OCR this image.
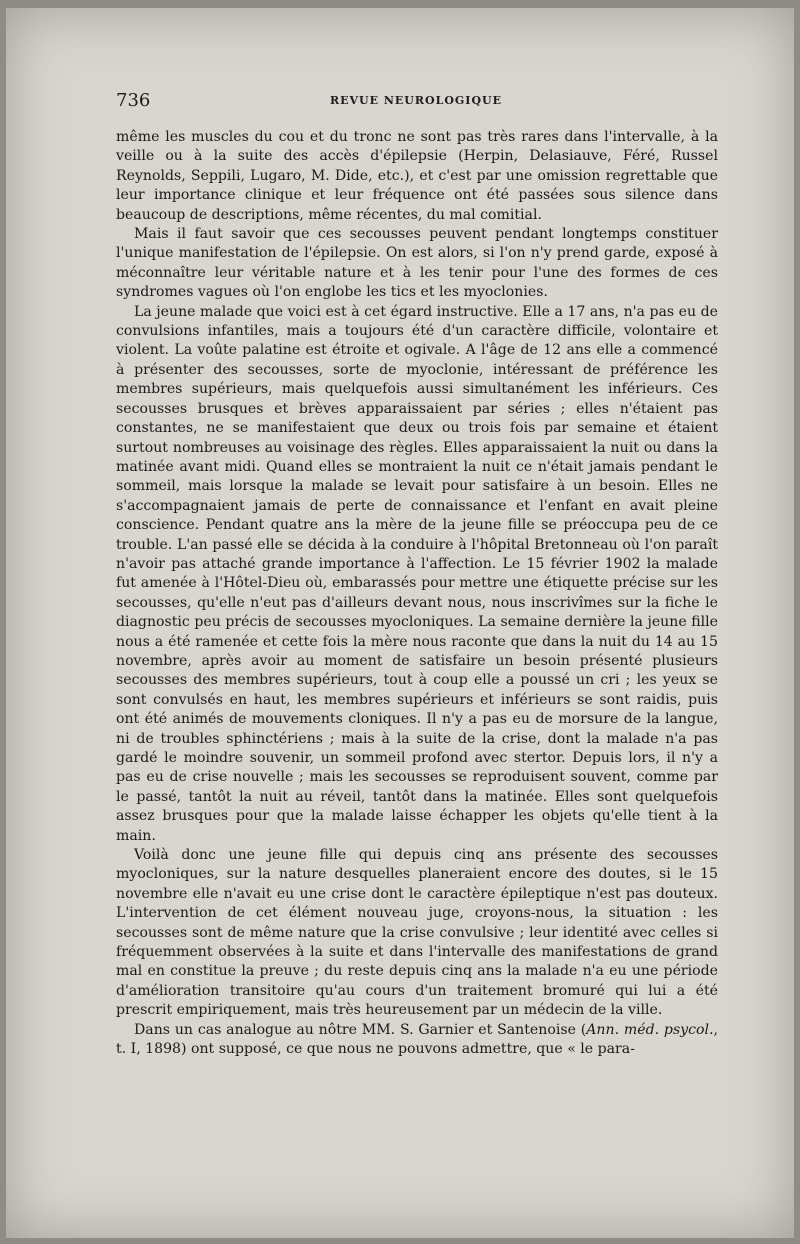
736	REVUE NEUROLOGIQUE

même les muscles du cou et du tronc ne sont pas très rares dans l'intervalle, à la veille ou à la suite des accès d'épilepsie (Herpin, Delasiauve, Féré, Russel Reynolds, Seppili, Lugaro, M. Dide, etc.), et c'est par une omission regrettable que leur importance clinique et leur fréquence ont été passées sous silence dans beaucoup de descriptions, même récentes, du mal comitial.

Mais il faut savoir que ces secousses peuvent pendant longtemps constituer l'unique manifestation de l'épilepsie. On est alors, si l'on n'y prend garde, exposé à méconnaître leur véritable nature et à les tenir pour l'une des formes de ces syndromes vagues où l'on englobe les tics et les myoclonies.

La jeune malade que voici est à cet égard instructive. Elle a 17 ans, n'a pas eu de convulsions infantiles, mais a toujours été d'un caractère difficile, volontaire et violent. La voûte palatine est étroite et ogivale. A l'âge de 12 ans elle a commencé à présenter des secousses, sorte de myoclonie, intéressant de préférence les membres supérieurs, mais quelquefois aussi simultanément les inférieurs. Ces secousses brusques et brèves apparaissaient par séries ; elles n'étaient pas constantes, ne se manifestaient que deux ou trois fois par semaine et étaient surtout nombreuses au voisinage des règles. Elles apparaissaient la nuit ou dans la matinée avant midi. Quand elles se montraient la nuit ce n'était jamais pendant le sommeil, mais lorsque la malade se levait pour satisfaire à un besoin. Elles ne s'accompagnaient jamais de perte de connaissance et l'enfant en avait pleine conscience. Pendant quatre ans la mère de la jeune fille se préoccupa peu de ce trouble. L'an passé elle se décida à la conduire à l'hôpital Bretonneau où l'on paraît n'avoir pas attaché grande importance à l'affection. Le 15 février 1902 la malade fut amenée à l'Hôtel-Dieu où, embarassés pour mettre une étiquette précise sur les secousses, qu'elle n'eut pas d'ailleurs devant nous, nous inscrivîmes sur la fiche le diagnostic peu précis de secousses myocloniques. La semaine dernière la jeune fille nous a été ramenée et cette fois la mère nous raconte que dans la nuit du 14 au 15 novembre, après avoir au moment de satisfaire un besoin présenté plusieurs secousses des membres supérieurs, tout à coup elle a poussé un cri ; les yeux se sont convulsés en haut, les membres supérieurs et inférieurs se sont raidis, puis ont été animés de mouvements cloniques. Il n'y a pas eu de morsure de la langue, ni de troubles sphinctériens ; mais à la suite de la crise, dont la malade n'a pas gardé le moindre souvenir, un sommeil profond avec stertor. Depuis lors, il n'y a pas eu de crise nouvelle ; mais les secousses se reproduisent souvent, comme par le passé, tantôt la nuit au réveil, tantôt dans la matinée. Elles sont quelquefois assez brusques pour que la malade laisse échapper les objets qu'elle tient à la main.

Voilà donc une jeune fille qui depuis cinq ans présente des secousses myocloniques, sur la nature desquelles planeraient encore des doutes, si le 15 novembre elle n'avait eu une crise dont le caractère épileptique n'est pas douteux. L'intervention de cet élément nouveau juge, croyons-nous, la situation : les secousses sont de même nature que la crise convulsive ; leur identité avec celles si fréquemment observées à la suite et dans l'intervalle des manifestations de grand mal en constitue la preuve ; du reste depuis cinq ans la malade n'a eu une période d'amélioration transitoire qu'au cours d'un traitement bromuré qui lui a été prescrit empiriquement, mais très heureusement par un médecin de la ville.

Dans un cas analogue au nôtre MM. S. Garnier et Santenoise (Ann. méd. psycol., t. I, 1898) ont supposé, ce que nous ne pouvons admettre, que « le para-
